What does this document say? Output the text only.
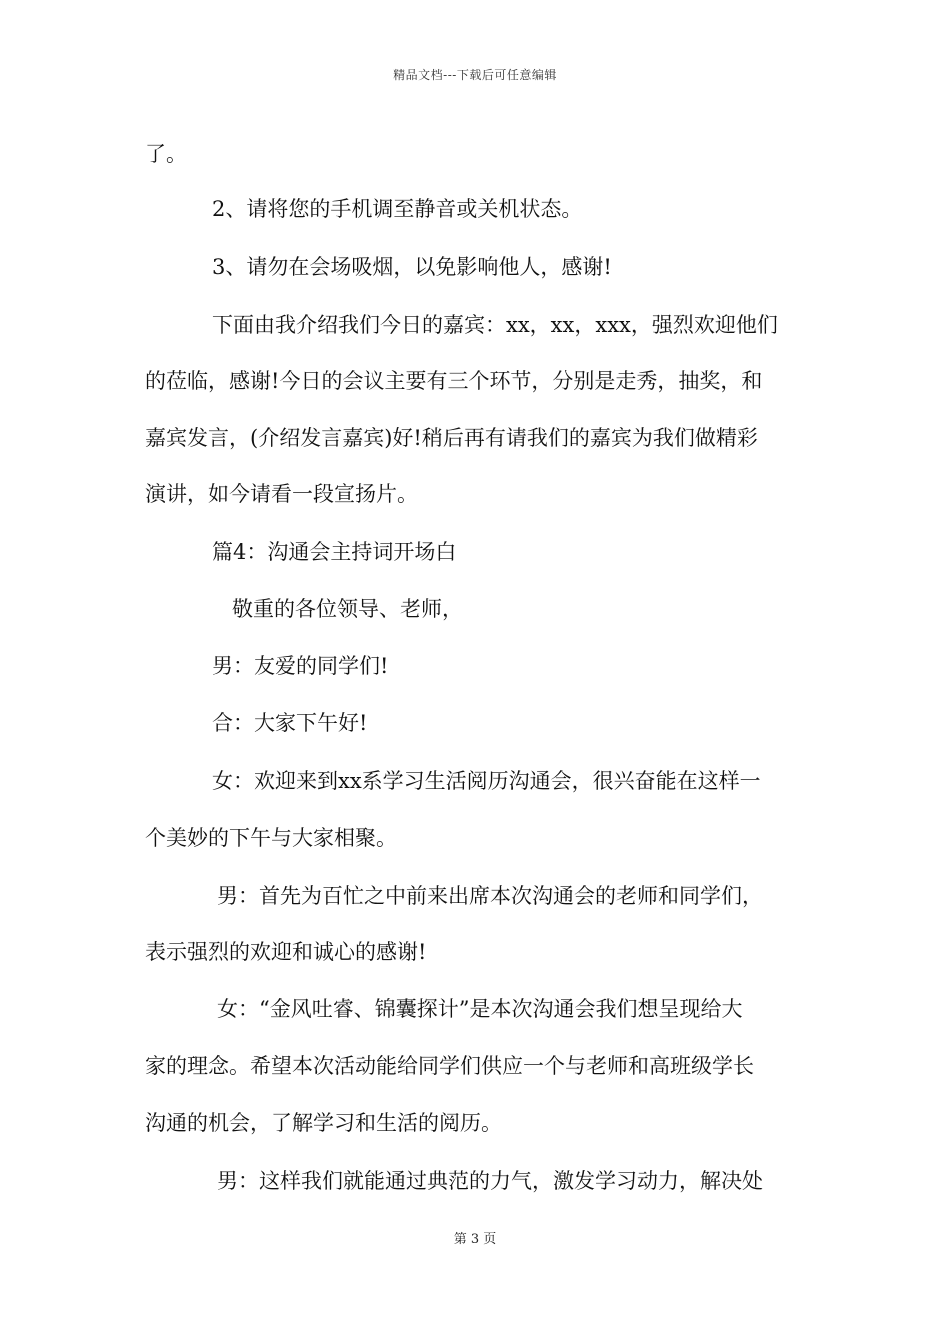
精品文档---下载后可任意编辑
了。
2、请将您的手机调至静音或关机状态。
3、请勿在会场吸烟，以免影响他人，感谢!
下面由我介绍我们今日的嘉宾：xx，xx，xxx，强烈欢迎他们
的莅临，感谢!今日的会议主要有三个环节，分别是走秀，抽奖，和
嘉宾发言，(介绍发言嘉宾)好!稍后再有请我们的嘉宾为我们做精彩
演讲，如今请看一段宣扬片。
篇4：沟通会主持词开场白
敬重的各位领导、老师，
男：友爱的同学们!
合：大家下午好!
女：欢迎来到xx系学习生活阅历沟通会，很兴奋能在这样一
个美妙的下午与大家相聚。
男：首先为百忙之中前来出席本次沟通会的老师和同学们，
表示强烈的欢迎和诚心的感谢!
女：“金风吐睿、锦囊探计”是本次沟通会我们想呈现给大
家的理念。希望本次活动能给同学们供应一个与老师和高班级学长
沟通的机会，了解学习和生活的阅历。
男：这样我们就能通过典范的力气，激发学习动力，解决处
第 3 页
